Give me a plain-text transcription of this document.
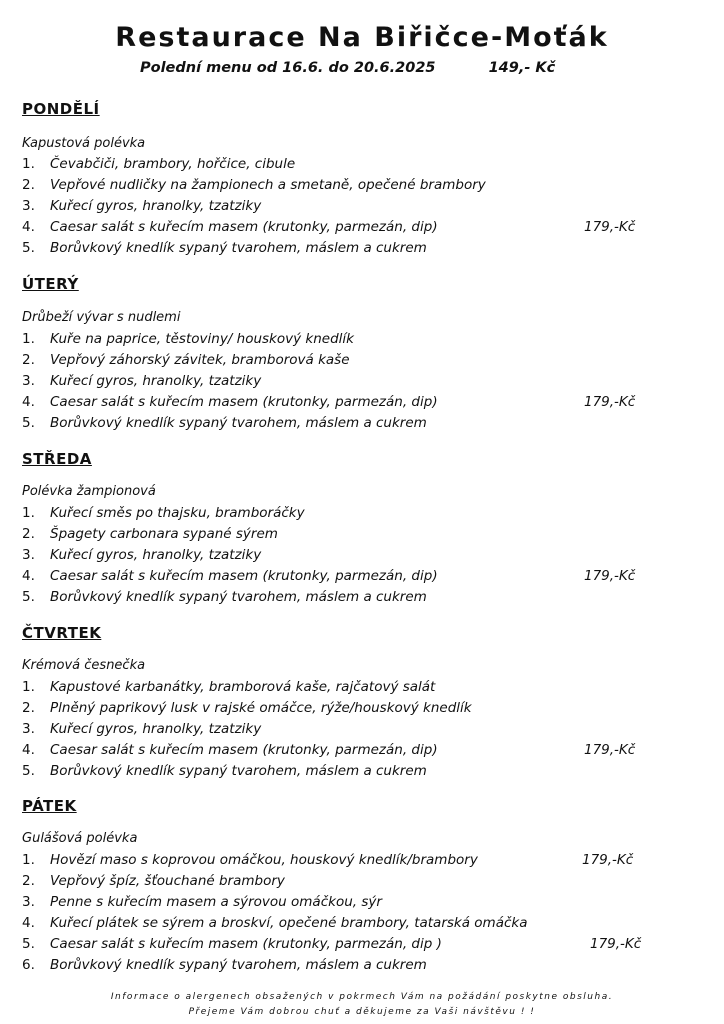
Restaurace Na Biřičce-Moťák
Polední menu od 16.6. do 20.6.2025	149,- Kč
PONDĚLÍ
Kapustová polévka
1. Čevabčiči, brambory, hořčice, cibule
2. Vepřové nudličky na žampionech a smetaně, opečené brambory
3. Kuřecí gyros, hranolky, tzatziky
4. Caesar salát s kuřecím masem (krutonky, parmezán, dip)	179,-Kč
5. Borůvkový knedlík sypaný tvarohem, máslem a cukrem
ÚTERÝ
Drůbeží vývar s nudlemi
1. Kuře na paprice, těstoviny/ houskový knedlík
2. Vepřový záhorský závitek, bramborová kaše
3. Kuřecí gyros, hranolky, tzatziky
4. Caesar salát s kuřecím masem (krutonky, parmezán, dip)	179,-Kč
5. Borůvkový knedlík sypaný tvarohem, máslem a cukrem
STŘEDA
Polévka žampionová
1. Kuřecí směs po thajsku, bramboráčky
2. Špagety carbonara sypané sýrem
3. Kuřecí gyros, hranolky, tzatziky
4. Caesar salát s kuřecím masem (krutonky, parmezán, dip)	179,-Kč
5. Borůvkový knedlík sypaný tvarohem, máslem a cukrem
ČTVRTEK
Krémová česnečka
1. Kapustové karbanátky, bramborová kaše, rajčatový salát
2. Plněný paprikový lusk v rajské omáčce, rýže/houskový knedlík
3. Kuřecí gyros, hranolky, tzatziky
4. Caesar salát s kuřecím masem (krutonky, parmezán, dip)	179,-Kč
5. Borůvkový knedlík sypaný tvarohem, máslem a cukrem
PÁTEK
Gulášová polévka
1. Hovězí maso s koprovou omáčkou, houskový knedlík/brambory	179,-Kč
2. Vepřový špíz, šťouchané brambory
3. Penne s kuřecím masem a sýrovou omáčkou, sýr
4. Kuřecí plátek se sýrem a broskví, opečené brambory, tatarská omáčka
5. Caesar salát s kuřecím masem (krutonky, parmezán, dip )	179,-Kč
6. Borůvkový knedlík sypaný tvarohem, máslem a cukrem
Informace o alergenech obsažených v pokrmech Vám na požádání poskytne obsluha.
Přejeme Vám dobrou chuť a děkujeme za Vaši návštěvu ! !
